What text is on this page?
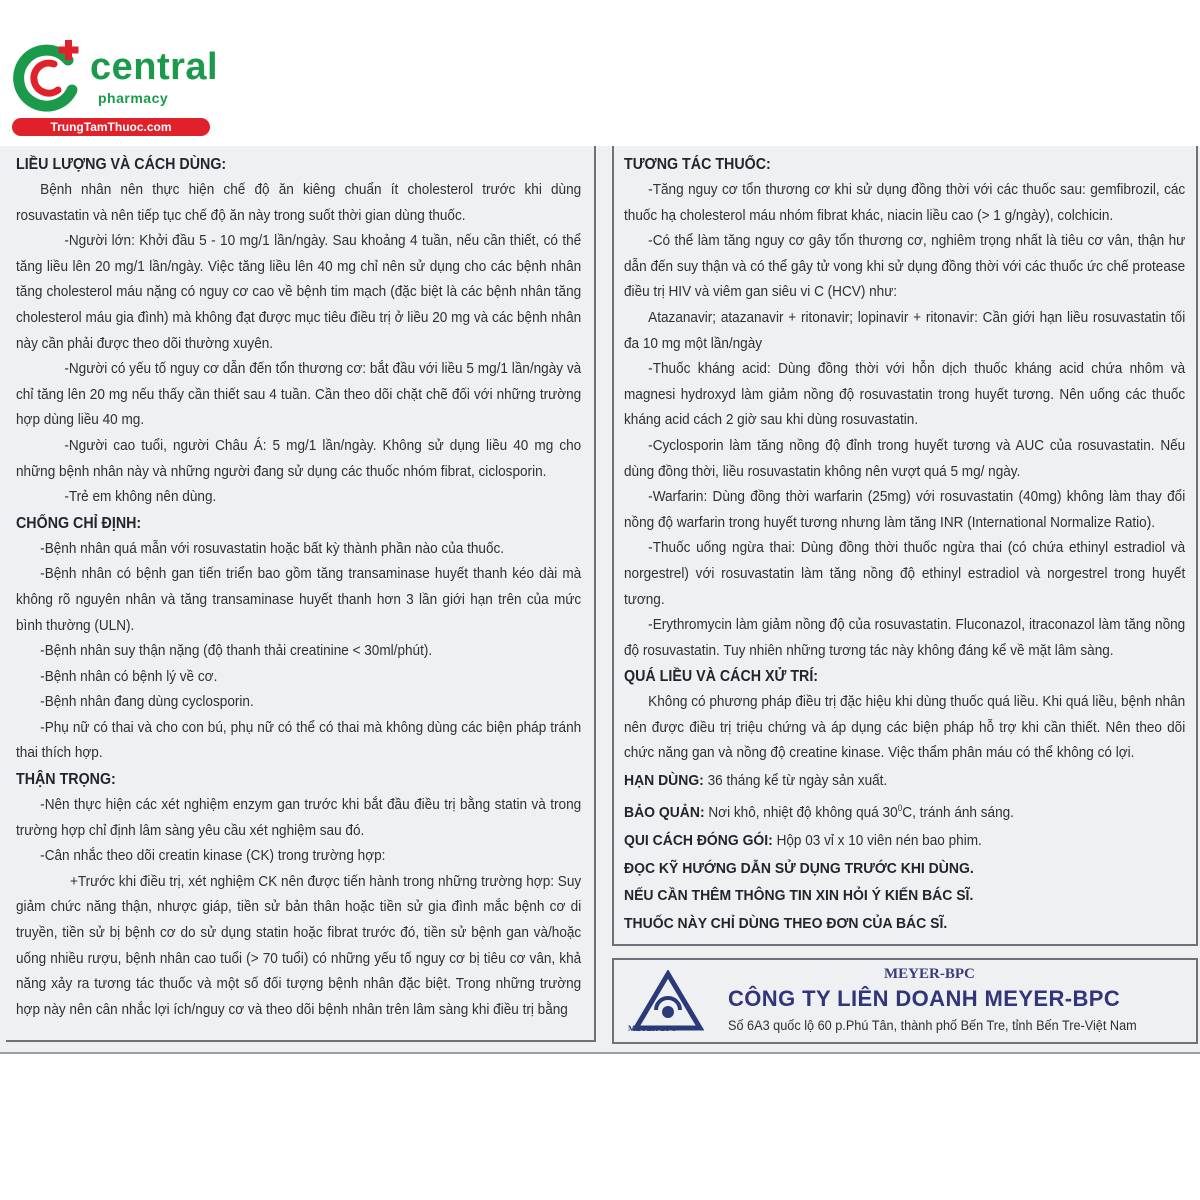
central
pharmacy
TrungTamThuoc.com
LIỀU LƯỢNG VÀ CÁCH DÙNG:

Bệnh nhân nên thực hiện chế độ ăn kiêng chuẩn ít cholesterol trước khi dùng rosuvastatin và nên tiếp tục chế độ ăn này trong suốt thời gian dùng thuốc.

-Người lớn: Khởi đầu 5 - 10 mg/1 lần/ngày. Sau khoảng 4 tuần, nếu cần thiết, có thể tăng liều lên 20 mg/1 lần/ngày. Việc tăng liều lên 40 mg chỉ nên sử dụng cho các bệnh nhân tăng cholesterol máu nặng có nguy cơ cao về bệnh tim mạch (đặc biệt là các bệnh nhân tăng cholesterol máu gia đình) mà không đạt được mục tiêu điều trị ở liều 20 mg và các bệnh nhân này cần phải được theo dõi thường xuyên.

-Người có yếu tố nguy cơ dẫn đến tổn thương cơ: bắt đầu với liều 5 mg/1 lần/ngày và chỉ tăng lên 20 mg nếu thấy cần thiết sau 4 tuần. Cần theo dõi chặt chẽ đối với những trường hợp dùng liều 40 mg.

-Người cao tuổi, người Châu Á: 5 mg/1 lần/ngày. Không sử dụng liều 40 mg cho những bệnh nhân này và những người đang sử dụng các thuốc nhóm fibrat, ciclosporin.

-Trẻ em không nên dùng.

CHỐNG CHỈ ĐỊNH:

-Bệnh nhân quá mẫn với rosuvastatin hoặc bất kỳ thành phần nào của thuốc.

-Bệnh nhân có bệnh gan tiến triển bao gồm tăng transaminase huyết thanh kéo dài mà không rõ nguyên nhân và tăng transaminase huyết thanh hơn 3 lần giới hạn trên của mức bình thường (ULN).

-Bệnh nhân suy thận nặng (độ thanh thải creatinine < 30ml/phút).

-Bệnh nhân có bệnh lý về cơ.

-Bệnh nhân đang dùng cyclosporin.

-Phụ nữ có thai và cho con bú, phụ nữ có thể có thai mà không dùng các biện pháp tránh thai thích hợp.

THẬN TRỌNG:

-Nên thực hiện các xét nghiệm enzym gan trước khi bắt đầu điều trị bằng statin và trong trường hợp chỉ định lâm sàng yêu cầu xét nghiệm sau đó.

-Cân nhắc theo dõi creatin kinase (CK) trong trường hợp:

+Trước khi điều trị, xét nghiệm CK nên được tiến hành trong những trường hợp: Suy giảm chức năng thận, nhược giáp, tiền sử bản thân hoặc tiền sử gia đình mắc bệnh cơ di truyền, tiền sử bị bệnh cơ do sử dụng statin hoặc fibrat trước đó, tiền sử bệnh gan và/hoặc uống nhiều rượu, bệnh nhân cao tuổi (> 70 tuổi) có những yếu tố nguy cơ bị tiêu cơ vân, khả năng xảy ra tương tác thuốc và một số đối tượng bệnh nhân đặc biệt. Trong những trường hợp này nên cân nhắc lợi ích/nguy cơ và theo dõi bệnh nhân trên lâm sàng khi điều trị bằng

TƯƠNG TÁC THUỐC:

-Tăng nguy cơ tổn thương cơ khi sử dụng đồng thời với các thuốc sau: gemfibrozil, các thuốc hạ cholesterol máu nhóm fibrat khác, niacin liều cao (> 1 g/ngày), colchicin.

-Có thể làm tăng nguy cơ gây tổn thương cơ, nghiêm trọng nhất là tiêu cơ vân, thận hư dẫn đến suy thận và có thể gây tử vong khi sử dụng đồng thời với các thuốc ức chế protease điều trị HIV và viêm gan siêu vi C (HCV) như:

Atazanavir; atazanavir + ritonavir; lopinavir + ritonavir: Cần giới hạn liều rosuvastatin tối đa 10 mg một lần/ngày

-Thuốc kháng acid: Dùng đồng thời với hỗn dịch thuốc kháng acid chứa nhôm và magnesi hydroxyd làm giảm nồng độ rosuvastatin trong huyết tương. Nên uống các thuốc kháng acid cách 2 giờ sau khi dùng rosuvastatin.

-Cyclosporin làm tăng nồng độ đỉnh trong huyết tương và AUC của rosuvastatin. Nếu dùng đồng thời, liều rosuvastatin không nên vượt quá 5 mg/ ngày.

-Warfarin: Dùng đồng thời warfarin (25mg) với rosuvastatin (40mg) không làm thay đổi nồng độ warfarin trong huyết tương nhưng làm tăng INR (International Normalize Ratio).

-Thuốc uống ngừa thai: Dùng đồng thời thuốc ngừa thai (có chứa ethinyl estradiol và norgestrel) với rosuvastatin làm tăng nồng độ ethinyl estradiol và norgestrel trong huyết tương.

-Erythromycin làm giảm nồng độ của rosuvastatin. Fluconazol, itraconazol làm tăng nồng độ rosuvastatin. Tuy nhiên những tương tác này không đáng kể về mặt lâm sàng.

QUÁ LIỀU VÀ CÁCH XỬ TRÍ:

Không có phương pháp điều trị đặc hiệu khi dùng thuốc quá liều. Khi quá liều, bệnh nhân nên được điều trị triệu chứng và áp dụng các biện pháp hỗ trợ khi cần thiết. Nên theo dõi chức năng gan và nồng độ creatine kinase. Việc thẩm phân máu có thể không có lợi.

HẠN DÙNG: 36 tháng kể từ ngày sản xuất.

BẢO QUẢN: Nơi khô, nhiệt độ không quá $30^0C$, tránh ánh sáng.

QUI CÁCH ĐÓNG GÓI: Hộp 03 vỉ x 10 viên nén bao phim.

ĐỌC KỸ HƯỚNG DẪN SỬ DỤNG TRƯỚC KHI DÙNG.
NẾU CẦN THÊM THÔNG TIN XIN HỎI Ý KIẾN BÁC SĨ.
THUỐC NÀY CHỈ DÙNG THEO ĐƠN CỦA BÁC SĨ.
MEYER-BPC
MEYER-BPC
CÔNG TY LIÊN DOANH MEYER-BPC
Số 6A3 quốc lộ 60 p.Phú Tân, thành phố Bến Tre, tỉnh Bến Tre-Việt Nam
